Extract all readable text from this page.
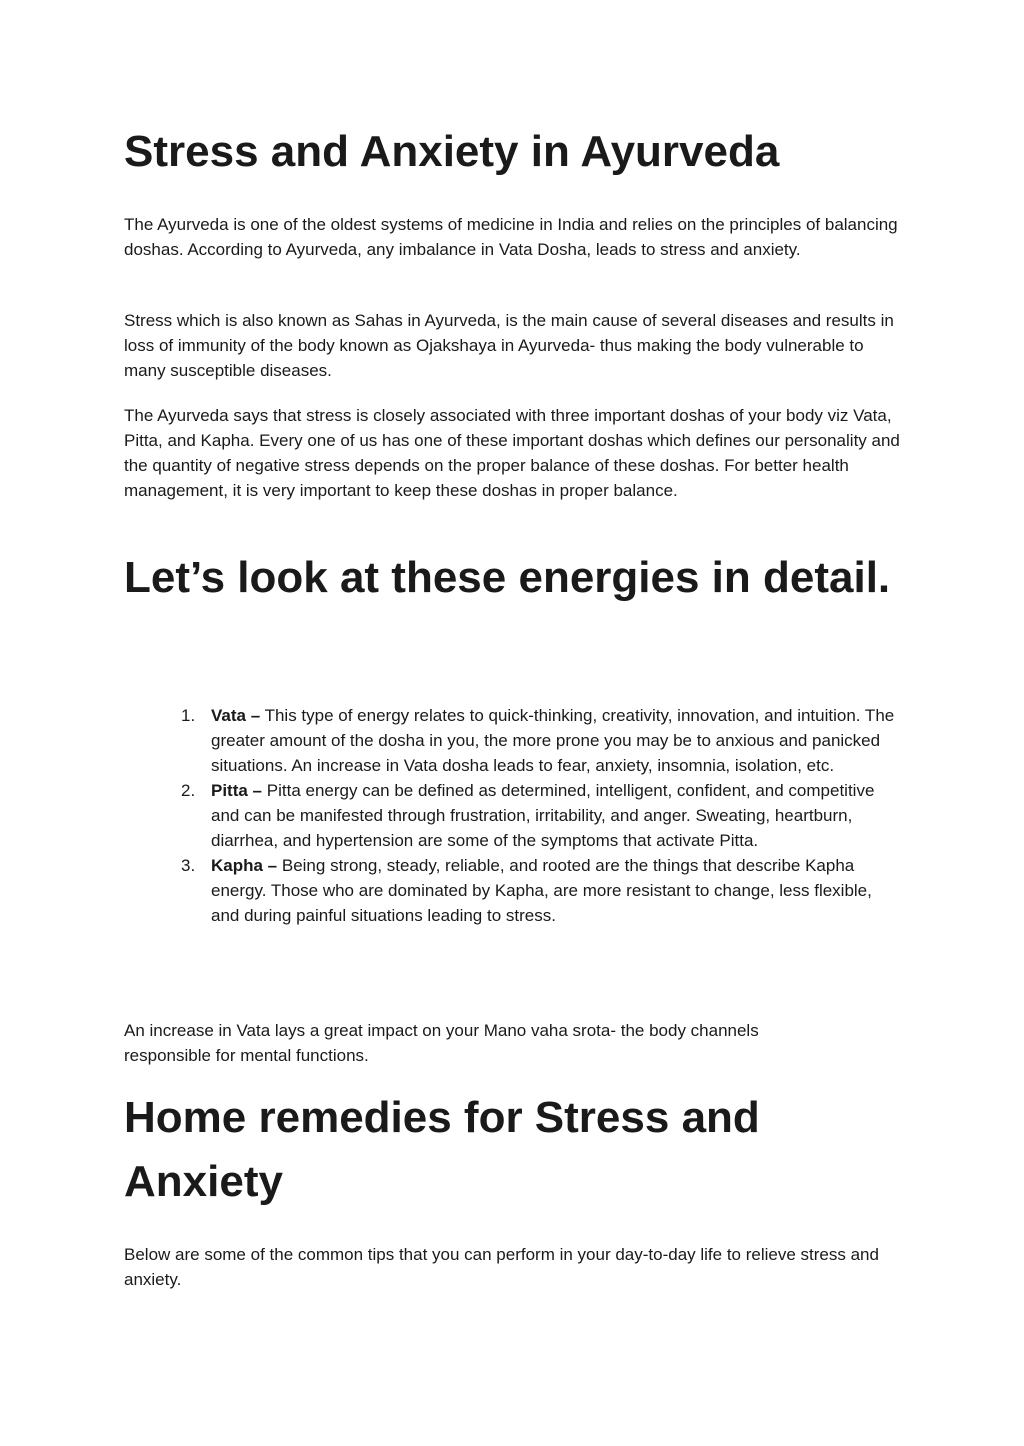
Stress and Anxiety in Ayurveda

The Ayurveda is one of the oldest systems of medicine in India and relies on the principles of balancing doshas. According to Ayurveda, any imbalance in Vata Dosha, leads to stress and anxiety.

Stress which is also known as Sahas in Ayurveda, is the main cause of several diseases and results in loss of immunity of the body known as Ojakshaya in Ayurveda- thus making the body vulnerable to many susceptible diseases.

The Ayurveda says that stress is closely associated with three important doshas of your body viz Vata, Pitta, and Kapha. Every one of us has one of these important doshas which defines our personality and the quantity of negative stress depends on the proper balance of these doshas. For better health management, it is very important to keep these doshas in proper balance.

Let’s look at these energies in detail.
1. Vata – This type of energy relates to quick-thinking, creativity, innovation, and intuition. The greater amount of the dosha in you, the more prone you may be to anxious and panicked situations. An increase in Vata dosha leads to fear, anxiety, insomnia, isolation, etc.
2. Pitta – Pitta energy can be defined as determined, intelligent, confident, and competitive and can be manifested through frustration, irritability, and anger. Sweating, heartburn, diarrhea, and hypertension are some of the symptoms that activate Pitta.
3. Kapha – Being strong, steady, reliable, and rooted are the things that describe Kapha energy. Those who are dominated by Kapha, are more resistant to change, less flexible, and during painful situations leading to stress.

An increase in Vata lays a great impact on your Mano vaha srota- the body channels responsible for mental functions.

Home remedies for Stress and Anxiety

Below are some of the common tips that you can perform in your day-to-day life to relieve stress and anxiety.
